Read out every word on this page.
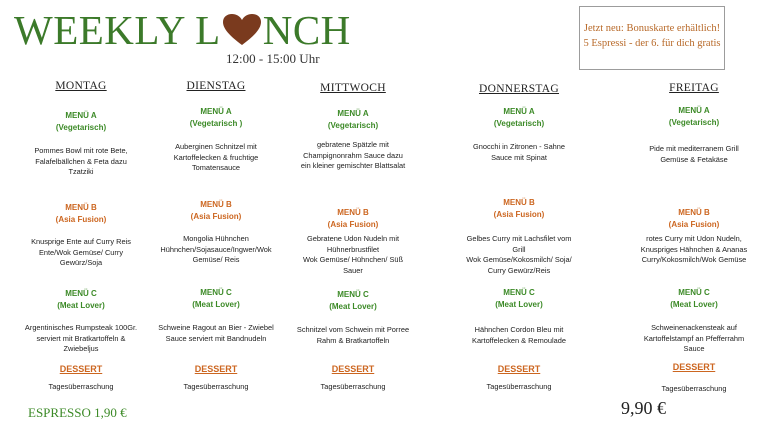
WEEKLY L NCH
12:00 - 15:00 Uhr
Jetzt neu: Bonuskarte erhältlich!
5 Espressi - der 6. für dich gratis
MONTAG
MENÜ A
(Vegetarisch)
Pommes Bowl mit rote Bete,
Falafelbällchen & Feta dazu
Tzatziki
MENÜ B
(Asia Fusion)
Knusprige Ente auf Curry Reis
Ente/Wok Gemüse/ Curry
Gewürz/Soja
MENÜ C
(Meat Lover)
Argentinisches Rumpsteak 100Gr.
serviert mit Bratkartoffeln &
Zwiebeljus
DESSERT
Tagesüberraschung
DIENSTAG
MENÜ A
(Vegetarisch )
Auberginen Schnitzel mit
Kartoffelecken & fruchtige
Tomatensauce
MENÜ B
(Asia Fusion)
Mongolia Hühnchen
Hühnchen/Sojasauce/Ingwer/Wok
Gemüse/ Reis
MENÜ C
(Meat Lover)
Schweine Ragout an Bier - Zwiebel
Sauce serviert mit Bandnudeln
DESSERT
Tagesüberraschung
MITTWOCH
MENÜ A
(Vegetarisch)
gebratene Spätzle mit
Champignonrahm Sauce dazu
ein kleiner gemischter Blattsalat
MENÜ B
(Asia Fusion)
Gebratene Udon Nudeln mit
Hühnerbrustfilet
Wok Gemüse/ Hühnchen/ Süß
Sauer
MENÜ C
(Meat Lover)
Schnitzel vom Schwein mit Porree
Rahm & Bratkartoffeln
DESSERT
Tagesüberraschung
DONNERSTAG
MENÜ A
(Vegetarisch)
Gnocchi in Zitronen - Sahne
Sauce mit Spinat
MENÜ B
(Asia Fusion)
Gelbes Curry mit Lachsfilet vom
Grill
Wok Gemüse/Kokosmilch/ Soja/
Curry Gewürz/Reis
MENÜ C
(Meat Lover)
Hähnchen Cordon Bleu mit
Kartoffelecken & Remoulade
DESSERT
Tagesüberraschung
FREITAG
MENÜ A
(Vegetarisch)
Pide mit mediterranem Grill
Gemüse & Fetakäse
MENÜ B
(Asia Fusion)
rotes Curry mit Udon Nudeln,
Knuspriges Hähnchen & Ananas
Curry/Kokosmilch/Wok Gemüse
MENÜ C
(Meat Lover)
Schweinenackensteak auf
Kartoffelstampf an Pfefferrahm
Sauce
DESSERT
Tagesüberraschung
ESPRESSO 1,90 €	9,90 €
